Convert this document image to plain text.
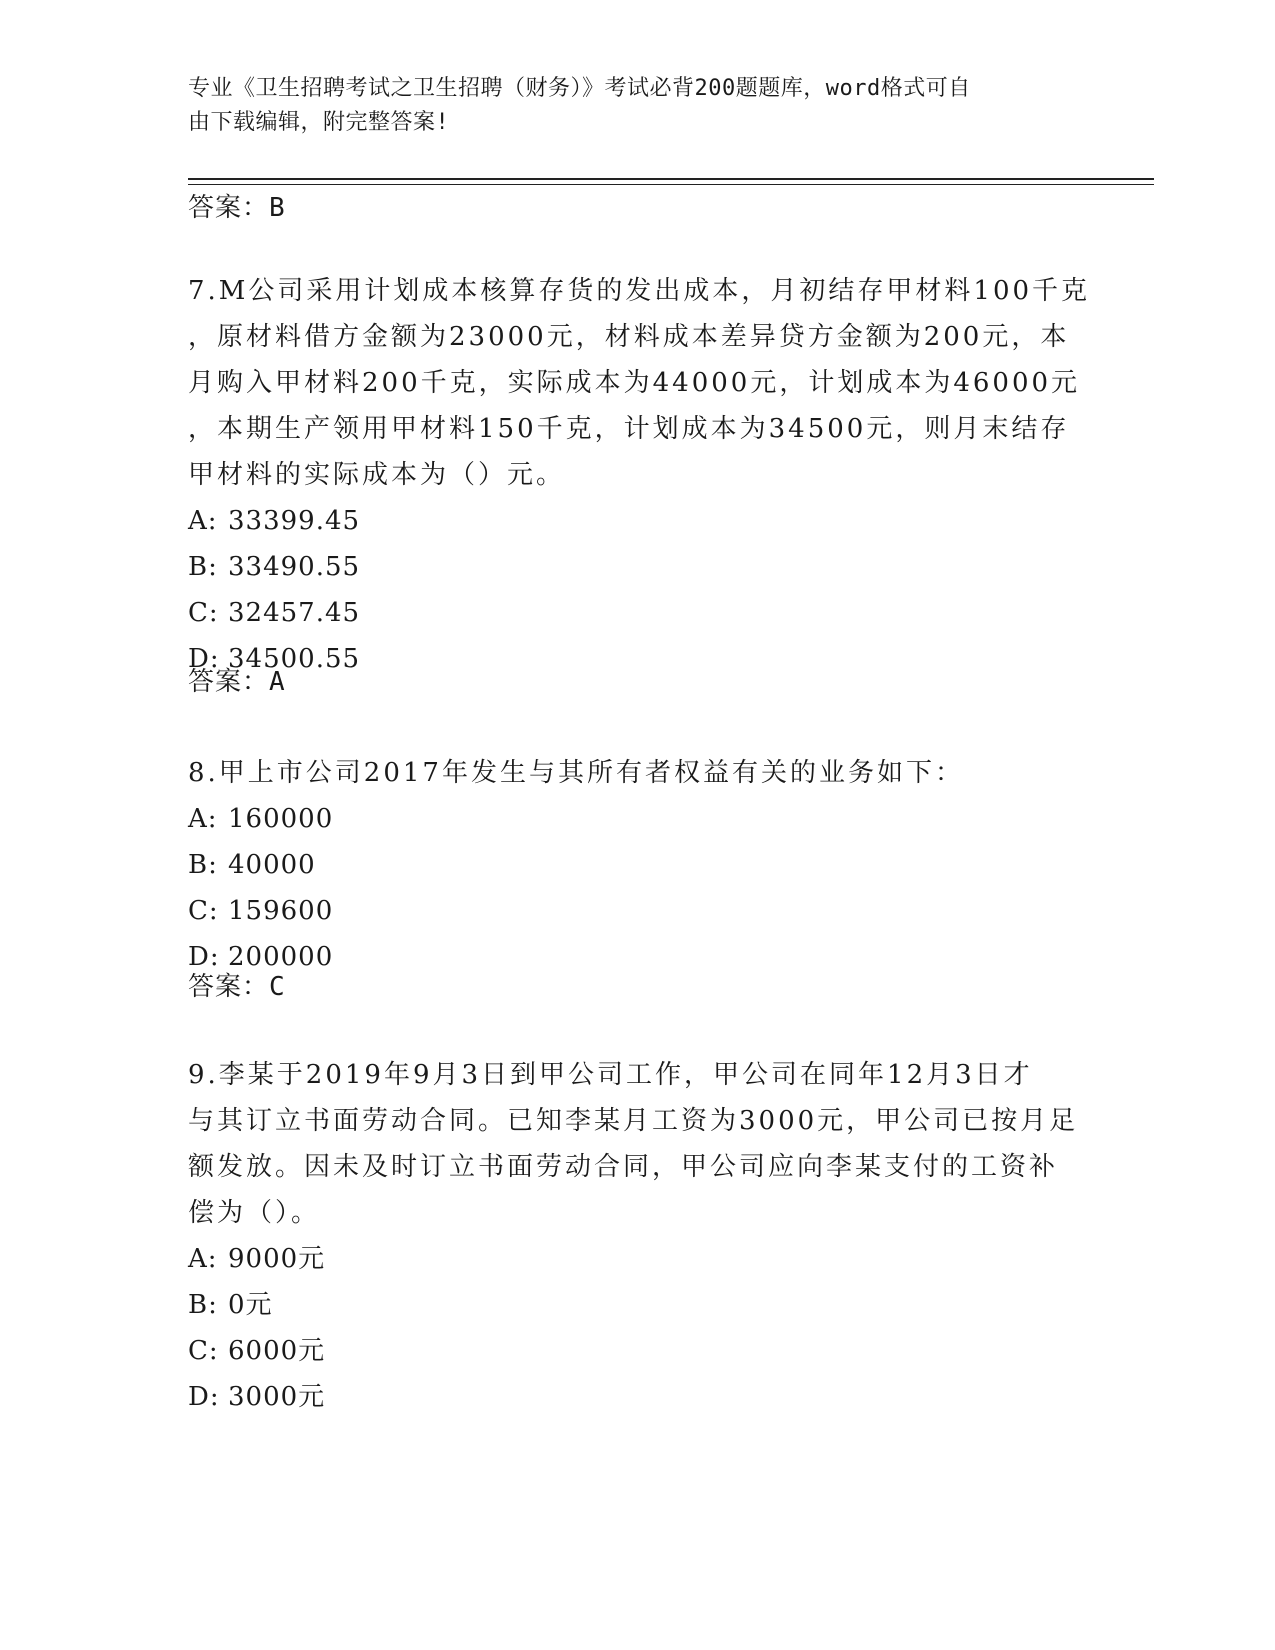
专业《卫生招聘考试之卫生招聘（财务）》考试必背200题题库，word格式可自
由下载编辑，附完整答案!
答案：B
7.M公司采用计划成本核算存货的发出成本，月初结存甲材料100千克
，原材料借方金额为23000元，材料成本差异贷方金额为200元，本
月购入甲材料200千克，实际成本为44000元，计划成本为46000元
，本期生产领用甲材料150千克，计划成本为34500元，则月末结存
甲材料的实际成本为（）元。
A: 33399.45
B: 33490.55
C: 32457.45
D: 34500.55
答案：A
8.甲上市公司2017年发生与其所有者权益有关的业务如下：
A: 160000
B: 40000
C: 159600
D: 200000
答案：C
9.李某于2019年9月3日到甲公司工作，甲公司在同年12月3日才
与其订立书面劳动合同。已知李某月工资为3000元，甲公司已按月足
额发放。因未及时订立书面劳动合同，甲公司应向李某支付的工资补
偿为（）。
A: 9000元
B: 0元
C: 6000元
D: 3000元
